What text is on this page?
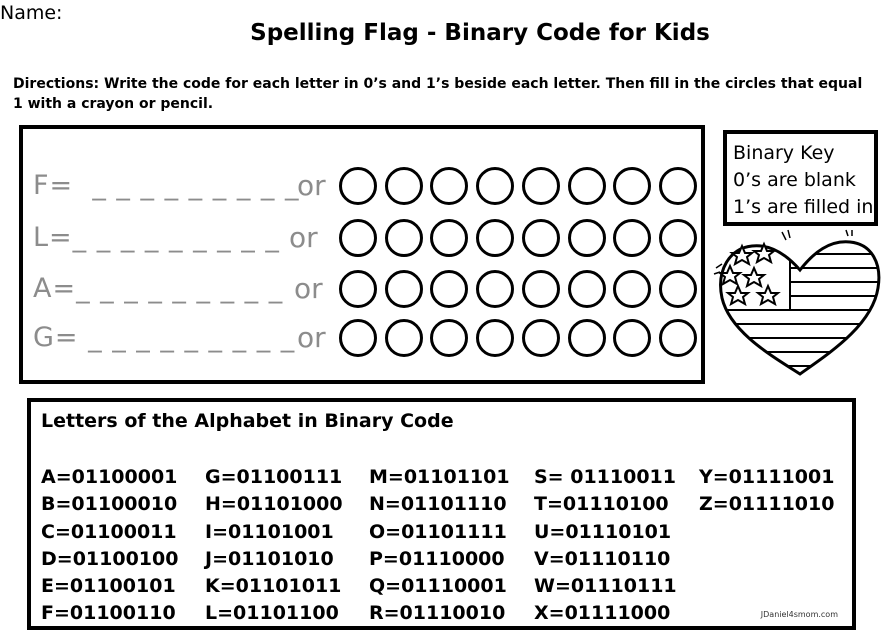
Name:
Spelling Flag - Binary Code for Kids
Directions: Write the code for each letter in 0’s and 1’s beside each letter. Then fill in the circles that equal 1 with a crayon or pencil.
F=  _ _ _ _ _ _ _ _ _
or
L=_ _ _ _ _ _ _ _ _ or
A=_ _ _ _ _ _ _ _ _ or
G= _ _ _ _ _ _ _ _ _ or
Binary Key
0’s are blank
1’s are filled in
Letters of the Alphabet in Binary Code
A=01100001
B=01100010
C=01100011
D=01100100
E=01100101
F=01100110
G=01100111
H=01101000
I=01101001
J=01101010
K=01101011
L=01101100
M=01101101
N=01101110
O=01101111
P=01110000
Q=01110001
R=01110010
S= 01110011
T=01110100
U=01110101
V=01110110
W=01110111
X=01111000
Y=01111001
Z=01111010
JDaniel4smom.com
